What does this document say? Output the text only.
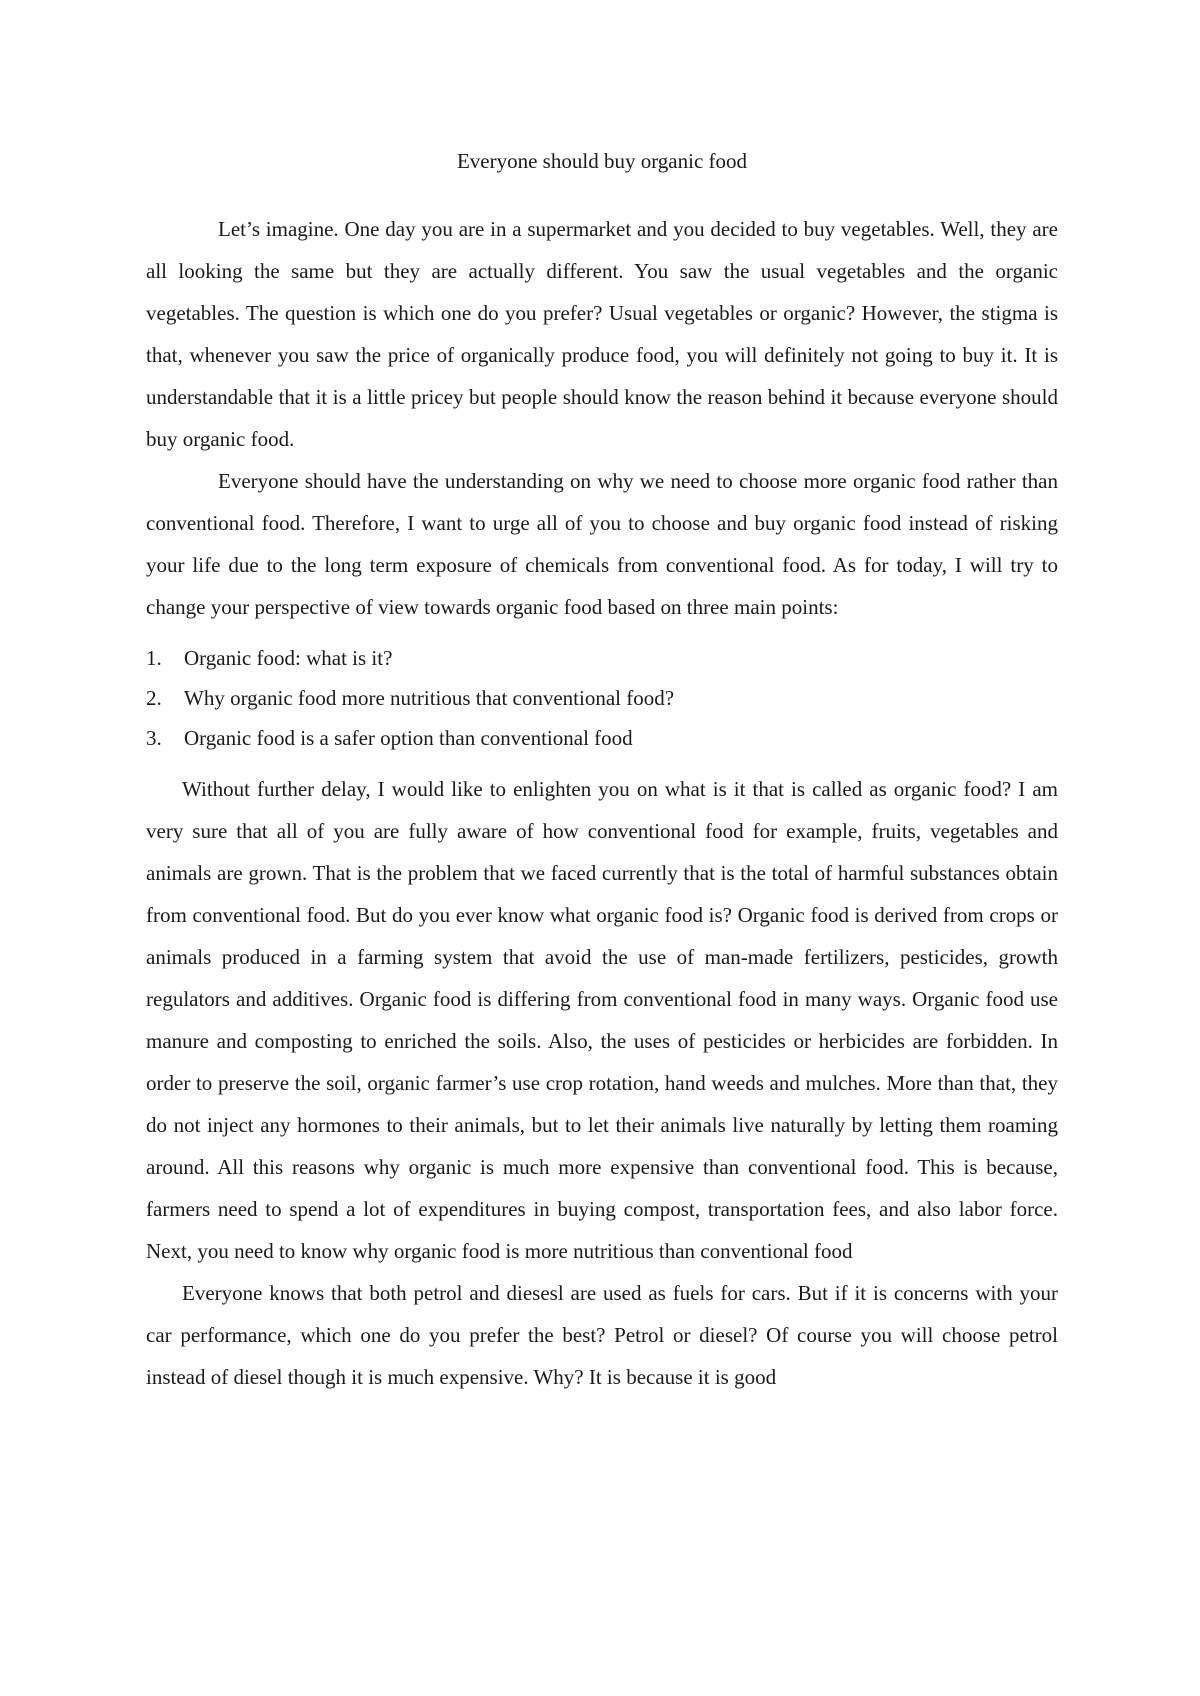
Everyone should buy organic food

Let’s imagine. One day you are in a supermarket and you decided to buy vegetables. Well, they are all looking the same but they are actually different. You saw the usual vegetables and the organic vegetables. The question is which one do you prefer? Usual vegetables or organic? However, the stigma is that, whenever you saw the price of organically produce food, you will definitely not going to buy it. It is understandable that it is a little pricey but people should know the reason behind it because everyone should buy organic food.

Everyone should have the understanding on why we need to choose more organic food rather than conventional food. Therefore, I want to urge all of you to choose and buy organic food instead of risking your life due to the long term exposure of chemicals from conventional food. As for today, I will try to change your perspective of view towards organic food based on three main points:

1.	Organic food: what is it?
2.	Why organic food more nutritious that conventional food?
3.	Organic food is a safer option than conventional food

Without further delay, I would like to enlighten you on what is it that is called as organic food? I am very sure that all of you are fully aware of how conventional food for example, fruits, vegetables and animals are grown. That is the problem that we faced currently that is the total of harmful substances obtain from conventional food. But do you ever know what organic food is? Organic food is derived from crops or animals produced in a farming system that avoid the use of man-made fertilizers, pesticides, growth regulators and additives. Organic food is differing from conventional food in many ways. Organic food use manure and composting to enriched the soils. Also, the uses of pesticides or herbicides are forbidden. In order to preserve the soil, organic farmer’s use crop rotation, hand weeds and mulches. More than that, they do not inject any hormones to their animals, but to let their animals live naturally by letting them roaming around. All this reasons why organic is much more expensive than conventional food. This is because, farmers need to spend a lot of expenditures in buying compost, transportation fees, and also labor force. Next, you need to know why organic food is more nutritious than conventional food

Everyone knows that both petrol and diesesl are used as fuels for cars. But if it is concerns with your car performance, which one do you prefer the best? Petrol or diesel? Of course you will choose petrol instead of diesel though it is much expensive. Why? It is because it is good
